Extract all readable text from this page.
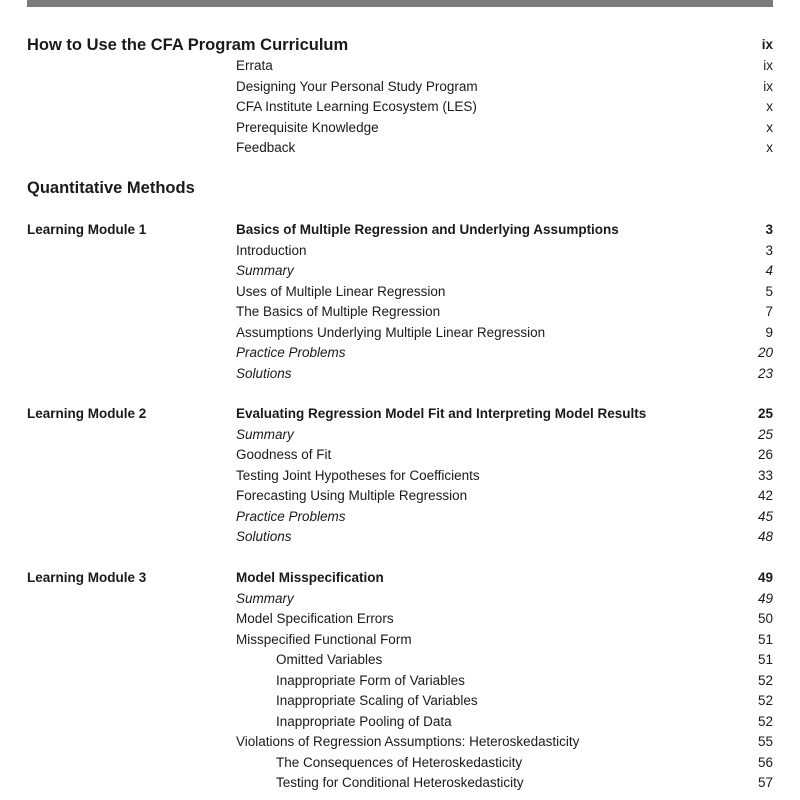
How to Use the CFA Program Curriculum	ix
Errata	ix
Designing Your Personal Study Program	ix
CFA Institute Learning Ecosystem (LES)	x
Prerequisite Knowledge	x
Feedback	x
Quantitative Methods
Learning Module 1	Basics of Multiple Regression and Underlying Assumptions	3
Introduction	3
Summary	4
Uses of Multiple Linear Regression	5
The Basics of Multiple Regression	7
Assumptions Underlying Multiple Linear Regression	9
Practice Problems	20
Solutions	23
Learning Module 2	Evaluating Regression Model Fit and Interpreting Model Results	25
Summary	25
Goodness of Fit	26
Testing Joint Hypotheses for Coefficients	33
Forecasting Using Multiple Regression	42
Practice Problems	45
Solutions	48
Learning Module 3	Model Misspecification	49
Summary	49
Model Specification Errors	50
Misspecified Functional Form	51
Omitted Variables	51
Inappropriate Form of Variables	52
Inappropriate Scaling of Variables	52
Inappropriate Pooling of Data	52
Violations of Regression Assumptions: Heteroskedasticity	55
The Consequences of Heteroskedasticity	56
Testing for Conditional Heteroskedasticity	57
